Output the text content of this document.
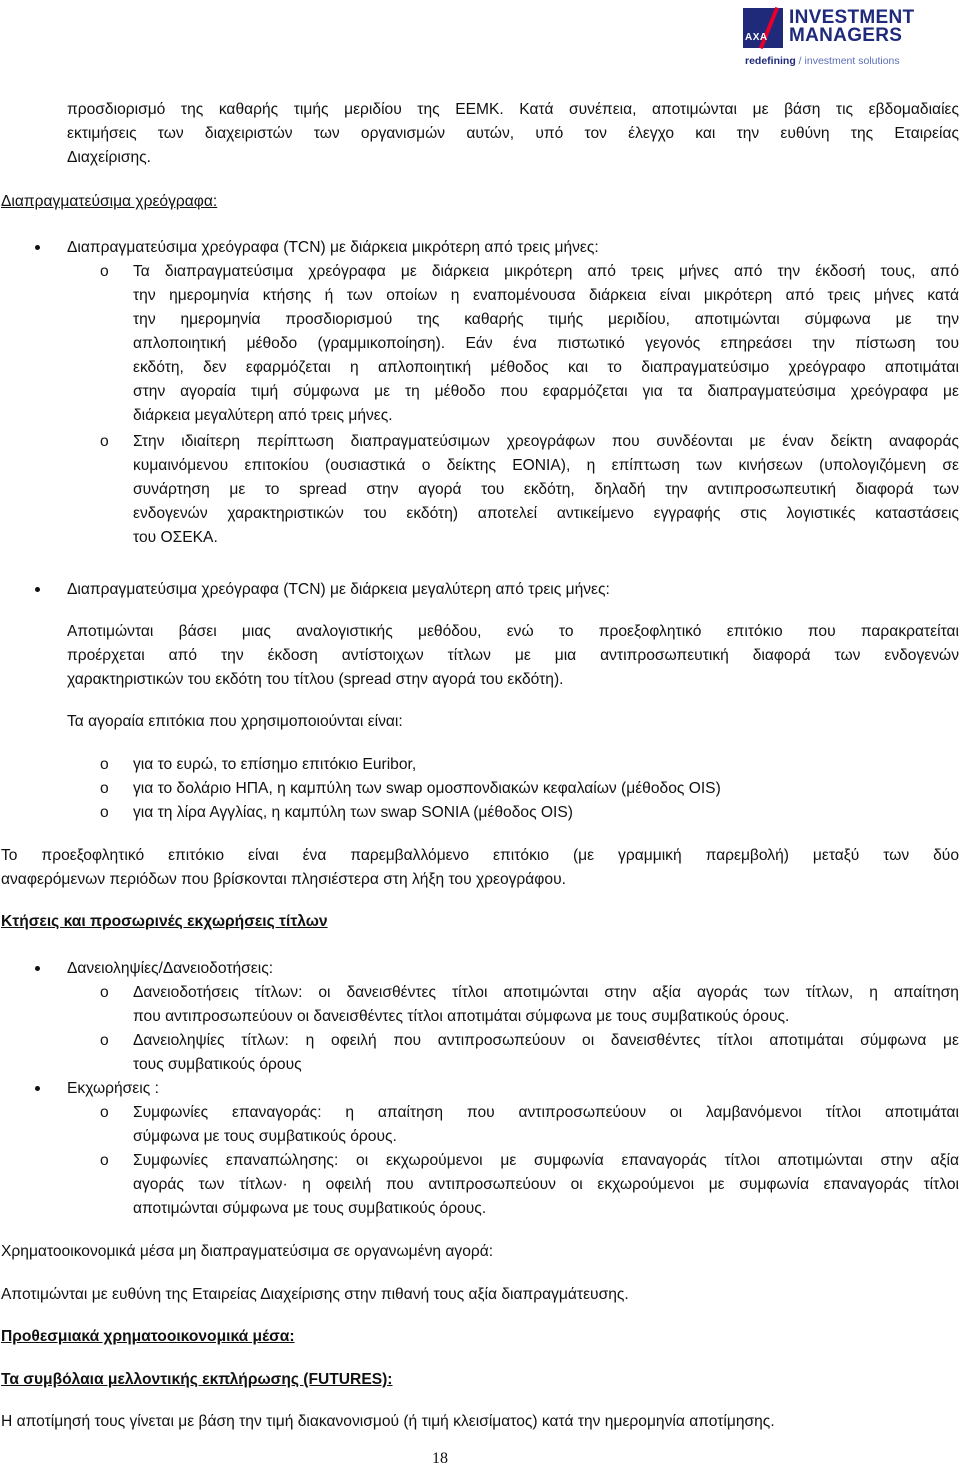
AXA
INVESTMENT
MANAGERS
redefining / investment solutions

προσδιορισμό της καθαρής τιμής μεριδίου της ΕΕΜΚ. Κατά συνέπεια, αποτιμώνται με βάση τις εβδομαδιαίες

εκτιμήσεις των διαχειριστών των οργανισμών αυτών, υπό τον έλεγχο και την ευθύνη της Εταιρείας

Διαχείρισης.

Διαπραγματεύσιμα χρεόγραφα:

Διαπραγματεύσιμα χρεόγραφα (TCN) με διάρκεια μικρότερη από τρεις μήνες:

o Τα διαπραγματεύσιμα χρεόγραφα με διάρκεια μικρότερη από τρεις μήνες από την έκδοσή τους, από
την ημερομηνία κτήσης ή των οποίων η εναπομένουσα διάρκεια είναι μικρότερη από τρεις μήνες κατά
την ημερομηνία προσδιορισμού της καθαρής τιμής μεριδίου, αποτιμώνται σύμφωνα με την
απλοποιητική μέθοδο (γραμμικοποίηση). Εάν ένα πιστωτικό γεγονός επηρεάσει την πίστωση του
εκδότη, δεν εφαρμόζεται η απλοποιητική μέθοδος και το διαπραγματεύσιμο χρεόγραφο αποτιμάται
στην αγοραία τιμή σύμφωνα με τη μέθοδο που εφαρμόζεται για τα διαπραγματεύσιμα χρεόγραφα με
διάρκεια μεγαλύτερη από τρεις μήνες.
o Στην ιδιαίτερη περίπτωση διαπραγματεύσιμων χρεογράφων που συνδέονται με έναν δείκτη αναφοράς
κυμαινόμενου επιτοκίου (ουσιαστικά ο δείκτης EONIA), η επίπτωση των κινήσεων (υπολογιζόμενη σε
συνάρτηση με το spread στην αγορά του εκδότη, δηλαδή την αντιπροσωπευτική διαφορά των
ενδογενών χαρακτηριστικών του εκδότη) αποτελεί αντικείμενο εγγραφής στις λογιστικές καταστάσεις
του ΟΣΕΚΑ.

Διαπραγματεύσιμα χρεόγραφα (TCN) με διάρκεια μεγαλύτερη από τρεις μήνες:

Αποτιμώνται βάσει μιας αναλογιστικής μεθόδου, ενώ το προεξοφλητικό επιτόκιο που παρακρατείται
προέρχεται από την έκδοση αντίστοιχων τίτλων με μια αντιπροσωπευτική διαφορά των ενδογενών
χαρακτηριστικών του εκδότη του τίτλου (spread στην αγορά του εκδότη).

Τα αγοραία επιτόκια που χρησιμοποιούνται είναι:

o για το ευρώ, το επίσημο επιτόκιο Euribor,
o για το δολάριο ΗΠΑ, η καμπύλη των swap ομοσπονδιακών κεφαλαίων (μέθοδος OIS)
o για τη λίρα Αγγλίας, η καμπύλη των swap SONIA (μέθοδος OIS)
Το προεξοφλητικό επιτόκιο είναι ένα παρεμβαλλόμενο επιτόκιο (με γραμμική παρεμβολή) μεταξύ των δύο
αναφερόμενων περιόδων που βρίσκονται πλησιέστερα στη λήξη του χρεογράφου.

Κτήσεις και προσωρινές εκχωρήσεις τίτλων

Δανειοληψίες/Δανειοδοτήσεις:

o Δανειοδοτήσεις τίτλων: οι δανεισθέντες τίτλοι αποτιμώνται στην αξία αγοράς των τίτλων, η απαίτηση
που αντιπροσωπεύουν οι δανεισθέντες τίτλοι αποτιμάται σύμφωνα με τους συμβατικούς όρους.
o Δανειοληψίες τίτλων: η οφειλή που αντιπροσωπεύουν οι δανεισθέντες τίτλοι αποτιμάται σύμφωνα με
τους συμβατικούς όρους

Εκχωρήσεις :

o Συμφωνίες επαναγοράς: η απαίτηση που αντιπροσωπεύουν οι λαμβανόμενοι τίτλοι αποτιμάται
σύμφωνα με τους συμβατικούς όρους.
o Συμφωνίες επαναπώλησης: οι εκχωρούμενοι με συμφωνία επαναγοράς τίτλοι αποτιμώνται στην αξία
αγοράς των τίτλων· η οφειλή που αντιπροσωπεύουν οι εκχωρούμενοι με συμφωνία επαναγοράς τίτλοι
αποτιμώνται σύμφωνα με τους συμβατικούς όρους.

Χρηματοοικονομικά μέσα μη διαπραγματεύσιμα σε οργανωμένη αγορά:

Αποτιμώνται με ευθύνη της Εταιρείας Διαχείρισης στην πιθανή τους αξία διαπραγμάτευσης.

Προθεσμιακά χρηματοοικονομικά μέσα:

Τα συμβόλαια μελλοντικής εκπλήρωσης (FUTURES):

Η αποτίμησή τους γίνεται με βάση την τιμή διακανονισμού (ή τιμή κλεισίματος) κατά την ημερομηνία αποτίμησης.

18
